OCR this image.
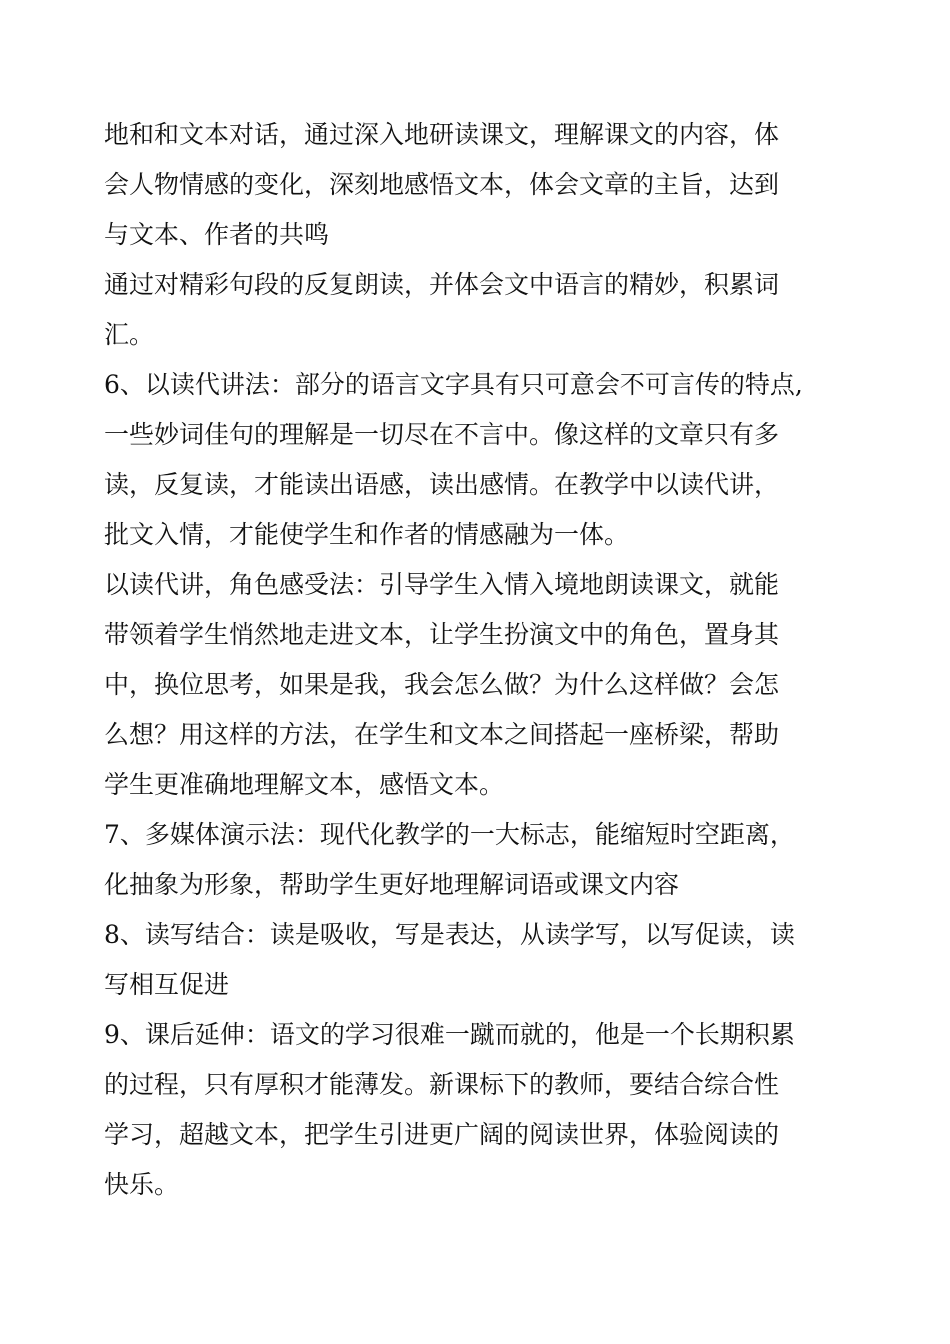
地和和文本对话，通过深入地研读课文，理解课文的内容，体
会人物情感的变化，深刻地感悟文本，体会文章的主旨，达到
与文本、作者的共鸣
通过对精彩句段的反复朗读，并体会文中语言的精妙，积累词
汇。
6、以读代讲法：部分的语言文字具有只可意会不可言传的特点,
一些妙词佳句的理解是一切尽在不言中。像这样的文章只有多
读，反复读，才能读出语感，读出感情。在教学中以读代讲，
批文入情，才能使学生和作者的情感融为一体。
以读代讲，角色感受法：引导学生入情入境地朗读课文，就能
带领着学生悄然地走进文本，让学生扮演文中的角色，置身其
中，换位思考，如果是我，我会怎么做？为什么这样做？会怎
么想？用这样的方法，在学生和文本之间搭起一座桥梁，帮助
学生更准确地理解文本，感悟文本。
7、多媒体演示法：现代化教学的一大标志，能缩短时空距离，
化抽象为形象，帮助学生更好地理解词语或课文内容
8、读写结合：读是吸收，写是表达，从读学写，以写促读，读
写相互促进
9、课后延伸：语文的学习很难一蹴而就的，他是一个长期积累
的过程，只有厚积才能薄发。新课标下的教师，要结合综合性
学习，超越文本，把学生引进更广阔的阅读世界，体验阅读的
快乐。
